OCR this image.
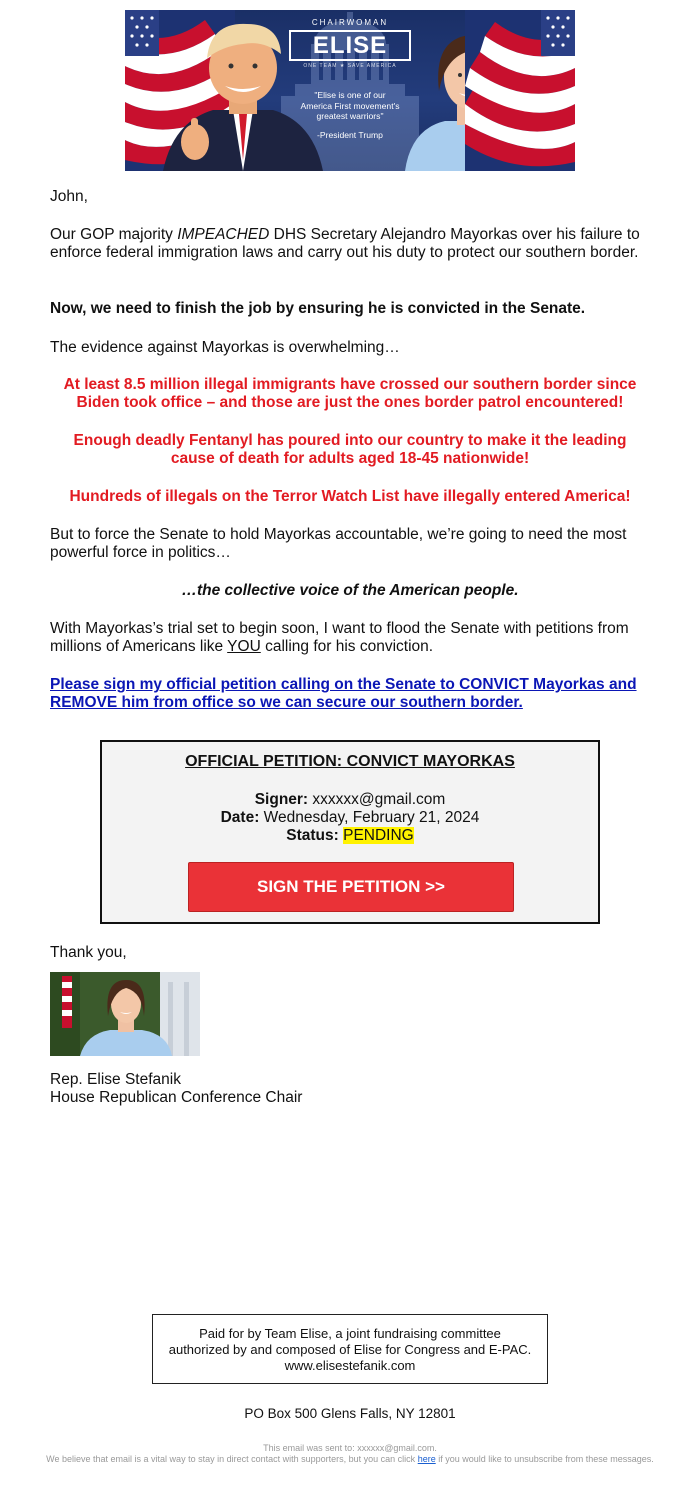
CHAIRWOMAN
ELISE
ONE TEAM ★ SAVE AMERICA
"Elise is one of our
America First movement's
greatest warriors"
-President Trump
John,
Our GOP majority IMPEACHED DHS Secretary Alejandro Mayorkas over his failure to enforce federal immigration laws and carry out his duty to protect our southern border.
Now, we need to finish the job by ensuring he is convicted in the Senate.
The evidence against Mayorkas is overwhelming…
At least 8.5 million illegal immigrants have crossed our southern border since Biden took office – and those are just the ones border patrol encountered!
Enough deadly Fentanyl has poured into our country to make it the leading cause of death for adults aged 18-45 nationwide!
Hundreds of illegals on the Terror Watch List have illegally entered America!
But to force the Senate to hold Mayorkas accountable, we’re going to need the most powerful force in politics…
…the collective voice of the American people.
With Mayorkas’s trial set to begin soon, I want to flood the Senate with petitions from millions of Americans like YOU calling for his conviction.
Please sign my official petition calling on the Senate to CONVICT Mayorkas and REMOVE him from office so we can secure our southern border.
OFFICIAL PETITION: CONVICT MAYORKAS
Signer: xxxxxx@gmail.com
Date: Wednesday, February 21, 2024
Status: PENDING
SIGN THE PETITION >>
Thank you,
Rep. Elise Stefanik
House Republican Conference Chair
Paid for by Team Elise, a joint fundraising committee authorized by and composed of Elise for Congress and E-PAC. www.elisestefanik.com
PO Box 500 Glens Falls, NY 12801
This email was sent to: xxxxxx@gmail.com.
We believe that email is a vital way to stay in direct contact with supporters, but you can click here if you would like to unsubscribe from these messages.
